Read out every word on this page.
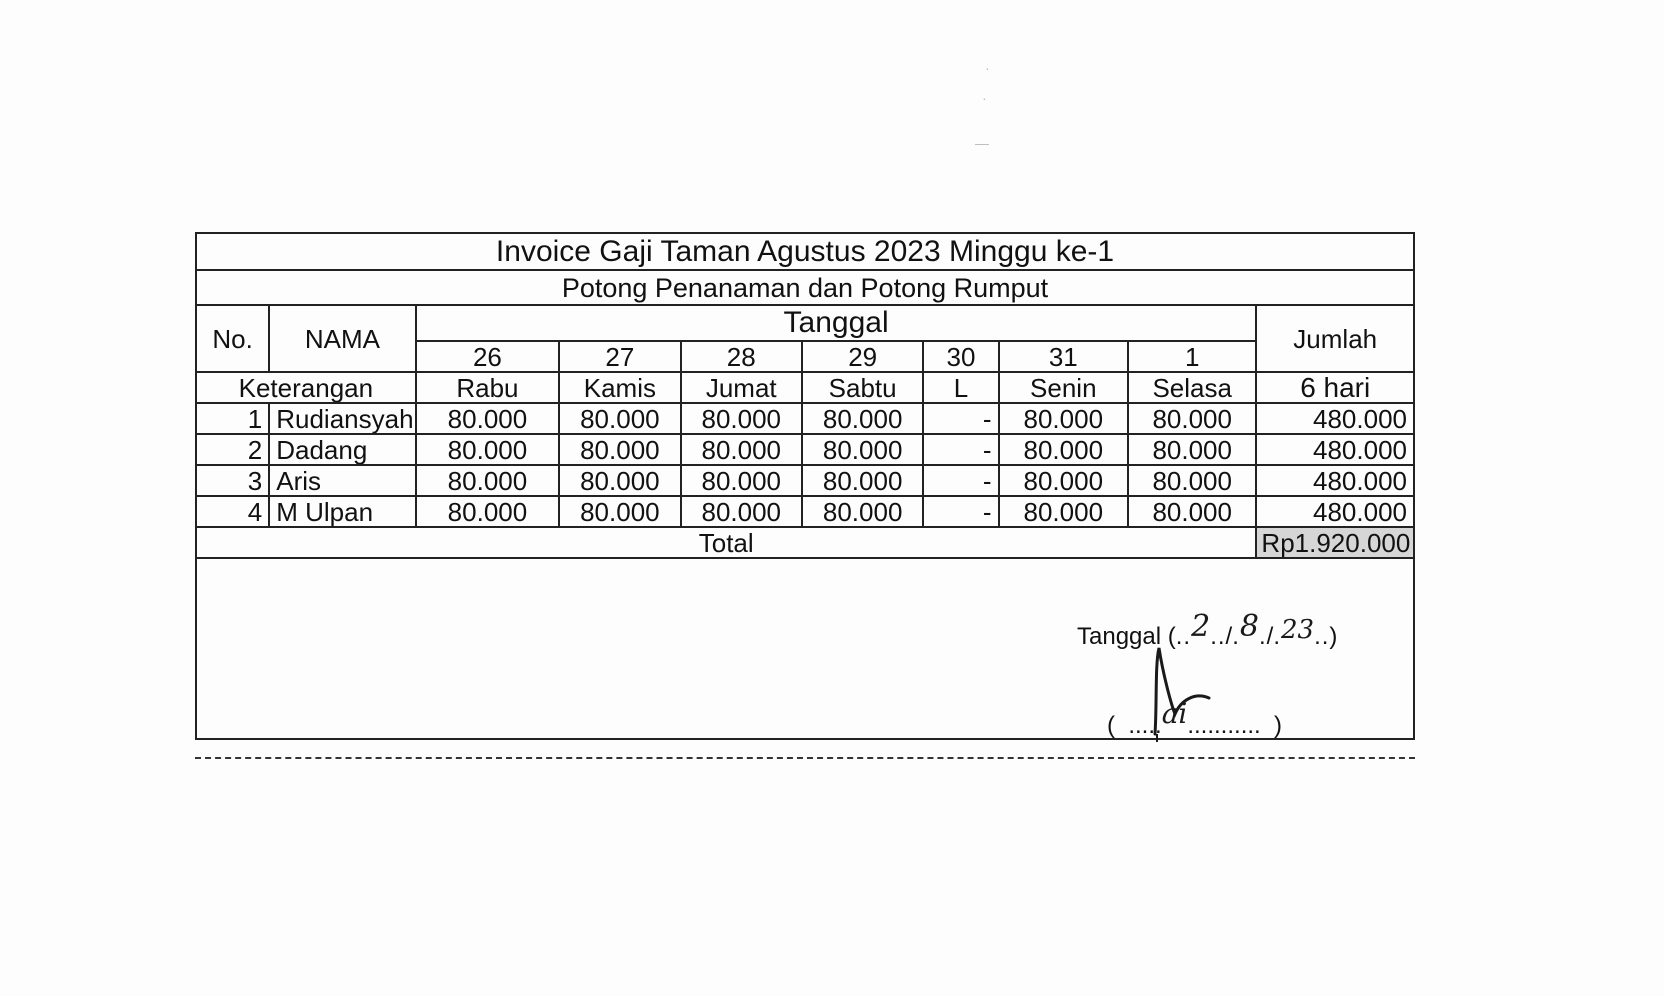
Invoice Gaji Taman Agustus 2023 Minggu ke-1									
Potong Penanaman dan Potong Rumput									
No.	NAMA	Tanggal							Jumlah
		26	27	28	29	30	31	1	
Keterangan		Rabu	Kamis	Jumat	Sabtu	L	Senin	Selasa	6 hari
1	Rudiansyah	80.000	80.000	80.000	80.000	-	80.000	80.000	480.000
2	Dadang	80.000	80.000	80.000	80.000	-	80.000	80.000	480.000
3	Aris	80.000	80.000	80.000	80.000	-	80.000	80.000	480.000
4	M Ulpan	80.000	80.000	80.000	80.000	-	80.000	80.000	480.000
Total									Rp1.920.000
Tanggal (..2../.8./.23..)
(  .....ai...........  )
·
·
—
